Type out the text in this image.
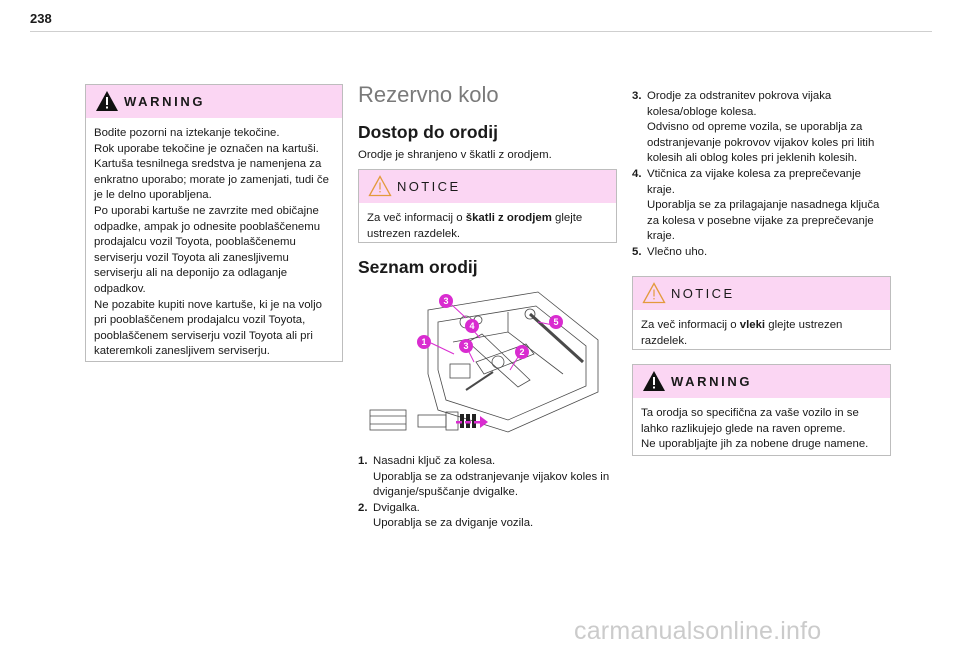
238
WARNING

Bodite pozorni na iztekanje tekočine.

Rok uporabe tekočine je označen na kartuši. Kartuša tesnilnega sredstva je namenjena za enkratno uporabo; morate jo zamenjati, tudi če je le delno uporabljena.

Po uporabi kartuše ne zavrzite med običajne odpadke, ampak jo odnesite pooblaščenemu prodajalcu vozil Toyota, pooblaščenemu serviserju vozil Toyota ali zanesljivemu serviserju ali na deponijo za odlaganje odpadkov.

Ne pozabite kupiti nove kartuše, ki je na voljo pri pooblaščenem prodajalcu vozil Toyota, pooblaščenem serviserju vozil Toyota ali pri kateremkoli zanesljivem serviserju.

Rezervno kolo
Dostop do orodij
Orodje je shranjeno v škatli z orodjem.
NOTICE
Za več informacij o škatli z orodjem glejte ustrezen razdelek.
Seznam orodij
3
4
1	3
2
5
1. Nasadni ključ za kolesa.

Uporablja se za odstranjevanje vijakov koles in dviganje/spuščanje dvigalke.

2. Dvigalka.

Uporablja se za dviganje vozila.

3. Orodje za odstranitev pokrova vijaka kolesa/obloge kolesa.

Odvisno od opreme vozila, se uporablja za odstranjevanje pokrovov vijakov koles pri litih kolesih ali oblog koles pri jeklenih kolesih.

4. Vtičnica za vijake kolesa za preprečevanje kraje.

Uporablja se za prilagajanje nasadnega ključa za kolesa v posebne vijake za preprečevanje kraje.

5. Vlečno uho.

NOTICE
Za več informacij o vleki glejte ustrezen razdelek.
WARNING

Ta orodja so specifična za vaše vozilo in se lahko razlikujejo glede na raven opreme.

Ne uporabljajte jih za nobene druge namene.

carmanualsonline.info
